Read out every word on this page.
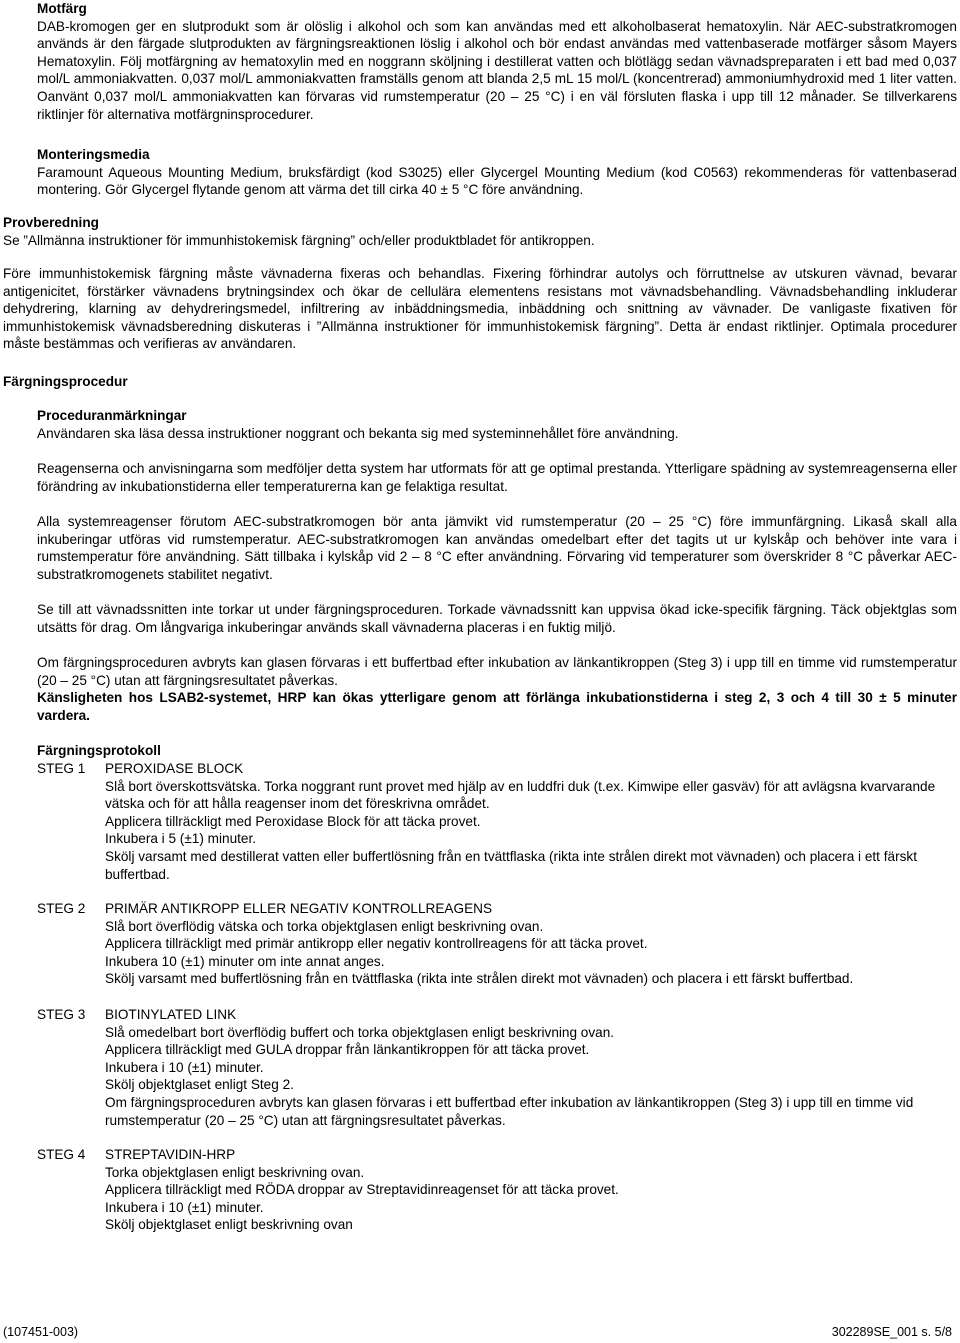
Motfärg

DAB-kromogen ger en slutprodukt som är olöslig i alkohol och som kan användas med ett alkoholbaserat hematoxylin. När AEC-substratkromogen används är den färgade slutprodukten av färgningsreaktionen löslig i alkohol och bör endast användas med vattenbaserade motfärger såsom Mayers Hematoxylin. Följ motfärgning av hematoxylin med en noggrann sköljning i destillerat vatten och blötlägg sedan vävnadspreparaten i ett bad med 0,037 mol/L ammoniakvatten. 0,037 mol/L ammoniakvatten framställs genom att blanda 2,5 mL 15 mol/L (koncentrerad) ammoniumhydroxid med 1 liter vatten. Oanvänt 0,037 mol/L ammoniakvatten kan förvaras vid rumstemperatur (20 – 25 °C) i en väl försluten flaska i upp till 12 månader. Se tillverkarens riktlinjer för alternativa motfärgninsprocedurer.

Monteringsmedia

Faramount Aqueous Mounting Medium, bruksfärdigt (kod S3025) eller Glycergel Mounting Medium (kod C0563) rekommenderas för vattenbaserad montering. Gör Glycergel flytande genom att värma det till cirka 40 ± 5 °C före användning.

Provberedning

Se ”Allmänna instruktioner för immunhistokemisk färgning” och/eller produktbladet för antikroppen.

Före immunhistokemisk färgning måste vävnaderna fixeras och behandlas. Fixering förhindrar autolys och förruttnelse av utskuren vävnad, bevarar antigenicitet, förstärker vävnadens brytningsindex och ökar de cellulära elementens resistans mot vävnadsbehandling. Vävnadsbehandling inkluderar dehydrering, klarning av dehydreringsmedel, infiltrering av inbäddningsmedia, inbäddning och snittning av vävnader. De vanligaste fixativen för immunhistokemisk vävnadsberedning diskuteras i ”Allmänna instruktioner för immunhistokemisk färgning”. Detta är endast riktlinjer. Optimala procedurer måste bestämmas och verifieras av användaren.

Färgningsprocedur
Proceduranmärkningar

Användaren ska läsa dessa instruktioner noggrant och bekanta sig med systeminnehållet före användning.

Reagenserna och anvisningarna som medföljer detta system har utformats för att ge optimal prestanda. Ytterligare spädning av systemreagenserna eller förändring av inkubationstiderna eller temperaturerna kan ge felaktiga resultat.

Alla systemreagenser förutom AEC-substratkromogen bör anta jämvikt vid rumstemperatur (20 – 25 °C) före immunfärgning. Likaså skall alla inkuberingar utföras vid rumstemperatur. AEC-substratkromogen kan användas omedelbart efter det tagits ut ur kylskåp och behöver inte vara i rumstemperatur före användning. Sätt tillbaka i kylskåp vid 2 – 8 °C efter användning. Förvaring vid temperaturer som överskrider 8 °C påverkar AEC-substratkromogenets stabilitet negativt.

Se till att vävnadssnitten inte torkar ut under färgningsproceduren. Torkade vävnadssnitt kan uppvisa ökad icke-specifik färgning. Täck objektglas som utsätts för drag. Om långvariga inkuberingar används skall vävnaderna placeras i en fuktig miljö.

Om färgningsproceduren avbryts kan glasen förvaras i ett buffertbad efter inkubation av länkantikroppen (Steg 3) i upp till en timme vid rumstemperatur (20 – 25 °C) utan att färgningsresultatet påverkas.

Känsligheten hos LSAB2-systemet, HRP kan ökas ytterligare genom att förlänga inkubationstiderna i steg 2, 3 och 4 till 30 ± 5 minuter vardera.

Färgningsprotokoll
STEG 1	PEROXIDASE BLOCK
Slå bort överskottsvätska. Torka noggrant runt provet med hjälp av en luddfri duk (t.ex. Kimwipe eller gasväv) för att avlägsna kvarvarande vätska och för att hålla reagenser inom det föreskrivna området.
Applicera tillräckligt med Peroxidase Block för att täcka provet.
Inkubera i 5 (±1) minuter.
Skölj varsamt med destillerat vatten eller buffertlösning från en tvättflaska (rikta inte strålen direkt mot vävnaden) och placera i ett färskt buffertbad.
STEG 2	PRIMÄR ANTIKROPP ELLER NEGATIV KONTROLLREAGENS
Slå bort överflödig vätska och torka objektglasen enligt beskrivning ovan.
Applicera tillräckligt med primär antikropp eller negativ kontrollreagens för att täcka provet.
Inkubera 10 (±1) minuter om inte annat anges.
Skölj varsamt med buffertlösning från en tvättflaska (rikta inte strålen direkt mot vävnaden) och placera i ett färskt buffertbad.
STEG 3	BIOTINYLATED LINK
Slå omedelbart bort överflödig buffert och torka objektglasen enligt beskrivning ovan.
Applicera tillräckligt med GULA droppar från länkantikroppen för att täcka provet.
Inkubera i 10 (±1) minuter.
Skölj objektglaset enligt Steg 2.
Om färgningsproceduren avbryts kan glasen förvaras i ett buffertbad efter inkubation av länkantikroppen (Steg 3) i upp till en timme vid rumstemperatur (20 – 25 °C) utan att färgningsresultatet påverkas.
STEG 4	STREPTAVIDIN-HRP
Torka objektglasen enligt beskrivning ovan.
Applicera tillräckligt med RÖDA droppar av Streptavidinreagenset för att täcka provet.
Inkubera i 10 (±1) minuter.
Skölj objektglaset enligt beskrivning ovan
(107451-003)	302289SE_001 s. 5/8
